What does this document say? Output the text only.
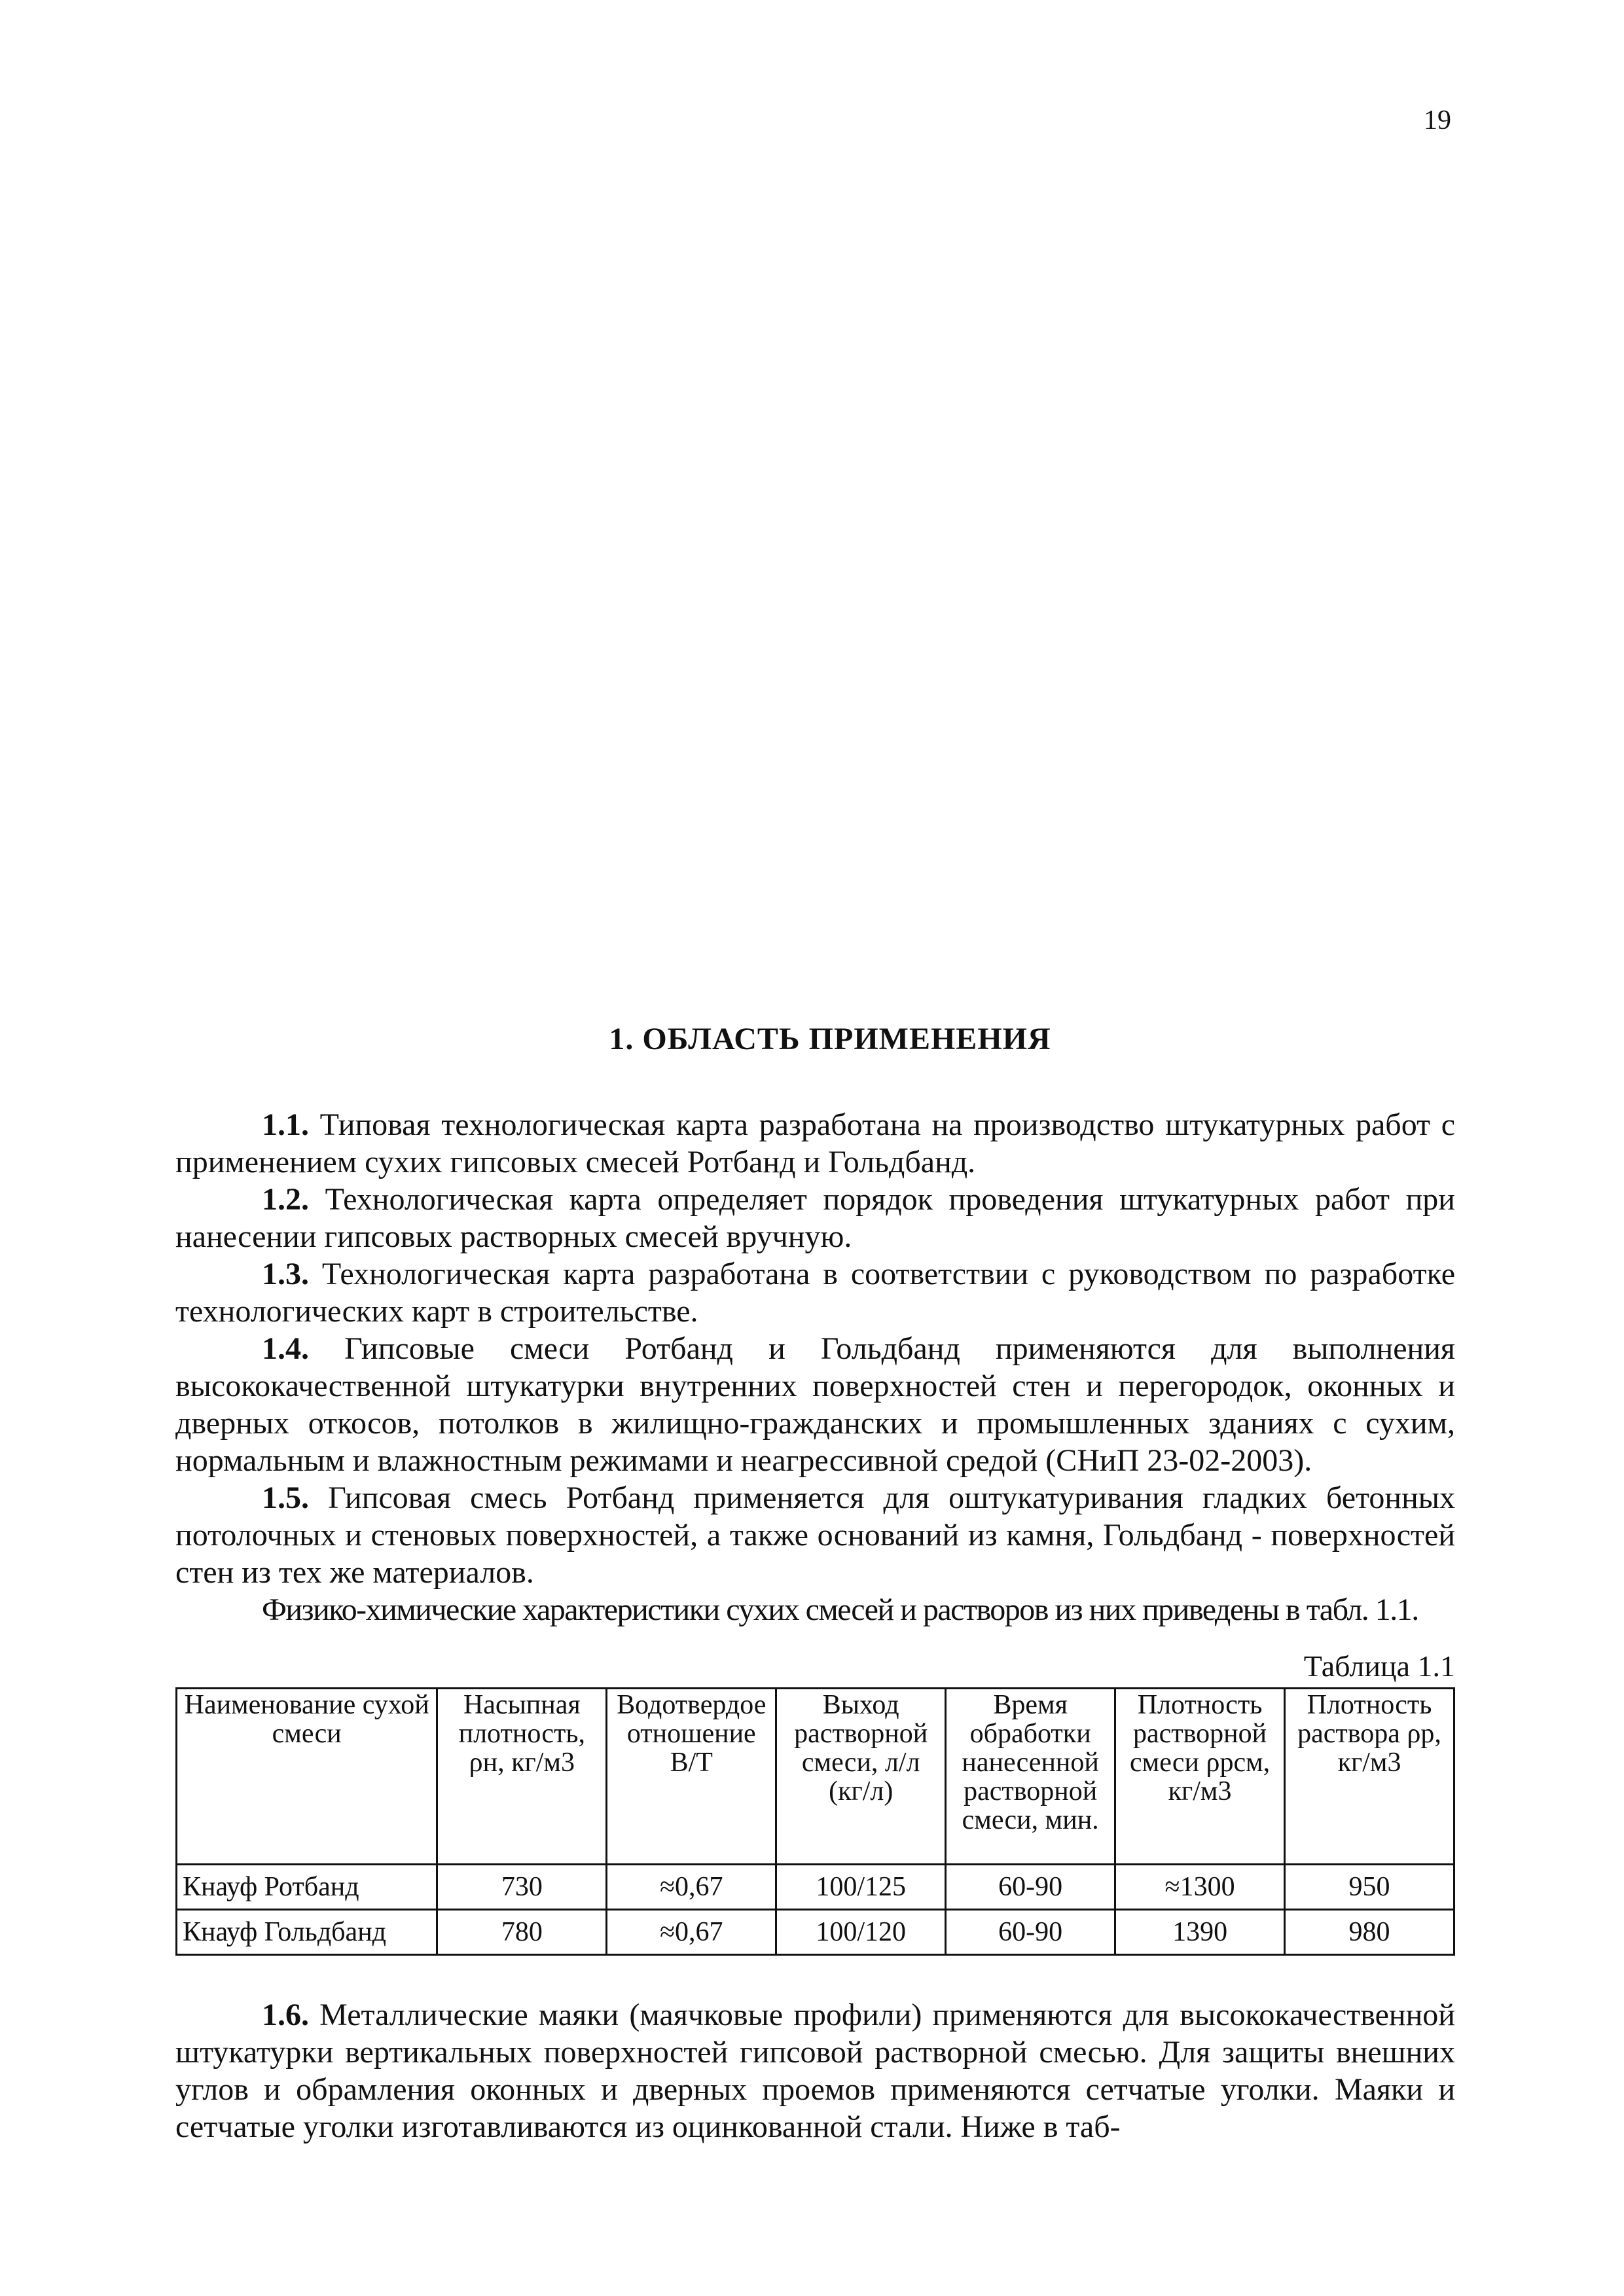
19
1. ОБЛАСТЬ ПРИМЕНЕНИЯ

1.1. Типовая технологическая карта разработана на производство штукатурных работ с применением сухих гипсовых смесей Ротбанд и Гольдбанд.

1.2. Технологическая карта определяет порядок проведения штукатурных работ при нанесении гипсовых растворных смесей вручную.

1.3. Технологическая карта разработана в соответствии с руководством по разработке технологических карт в строительстве.

1.4. Гипсовые смеси Ротбанд и Гольдбанд применяются для выполнения высококачественной штукатурки внутренних поверхностей стен и перегородок, оконных и дверных откосов, потолков в жилищно-гражданских и промышленных зданиях с сухим, нормальным и влажностным режимами и неагрессивной средой (СНиП 23-02-2003).

1.5. Гипсовая смесь Ротбанд применяется для оштукатуривания гладких бетонных потолочных и стеновых поверхностей, а также оснований из камня, Гольдбанд - поверхностей стен из тех же материалов.

Физико-химические характеристики сухих смесей и растворов из них приведены в табл. 1.1.

Таблица 1.1
Наименование сухой смеси	Насыпная плотность, ρн, кг/м3	Водотвердое отношение В/Т	Выход растворной смеси, л/л (кг/л)	Время обработки нанесенной растворной смеси, мин.	Плотность растворной смеси ρрсм, кг/м3	Плотность раствора ρр, кг/м3
Кнауф Ротбанд	730	≈0,67	100/125	60-90	≈1300	950
Кнауф Гольдбанд	780	≈0,67	100/120	60-90	1390	980

1.6. Металлические маяки (маячковые профили) применяются для высококачественной штукатурки вертикальных поверхностей гипсовой растворной смесью. Для защиты внешних углов и обрамления оконных и дверных проемов применяются сетчатые уголки. Маяки и сетчатые уголки изготавливаются из оцинкованной стали. Ниже в таб-
